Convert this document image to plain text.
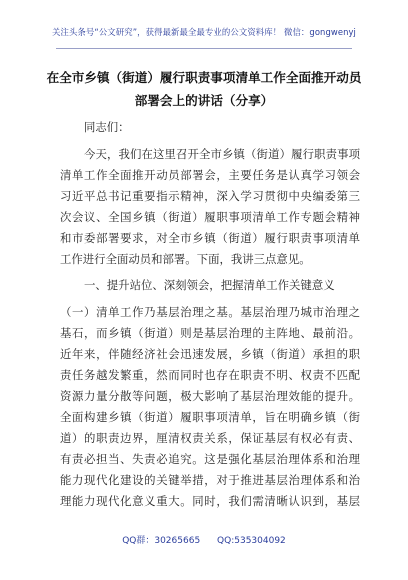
关注头条号“公文研究”，获得最新最全最专业的公文资料库！ 微信：gongwenyj
在全市乡镇（街道）履行职责事项清单工作全面推开动员
部署会上的讲话（分享）
同志们：
今天，我们在这里召开全市乡镇（街道）履行职责事项
清单工作全面推开动员部署会，主要任务是认真学习领会
习近平总书记重要指示精神，深入学习贯彻中央编委第三
次会议、全国乡镇（街道）履职事项清单工作专题会精神
和市委部署要求，对全市乡镇（街道）履行职责事项清单
工作进行全面动员和部署。下面，我讲三点意见。
一、提升站位、深刻领会，把握清单工作关键意义
（一）清单工作乃基层治理之基。基层治理乃城市治理之
基石，而乡镇（街道）则是基层治理的主阵地、最前沿。
近年来，伴随经济社会迅速发展，乡镇（街道）承担的职
责任务越发繁重，然而同时也存在职责不明、权责不匹配
资源力量分散等问题，极大影响了基层治理效能的提升。
全面构建乡镇（街道）履职事项清单，旨在明确乡镇（街
道）的职责边界，厘清权责关系，保证基层有权必有责、
有责必担当、失责必追究。这是强化基层治理体系和治理
能力现代化建设的关键举措，对于推进基层治理体系和治
理能力现代化意义重大。同时，我们需清晰认识到，基层
QQ群：30265665 QQ:535304092
